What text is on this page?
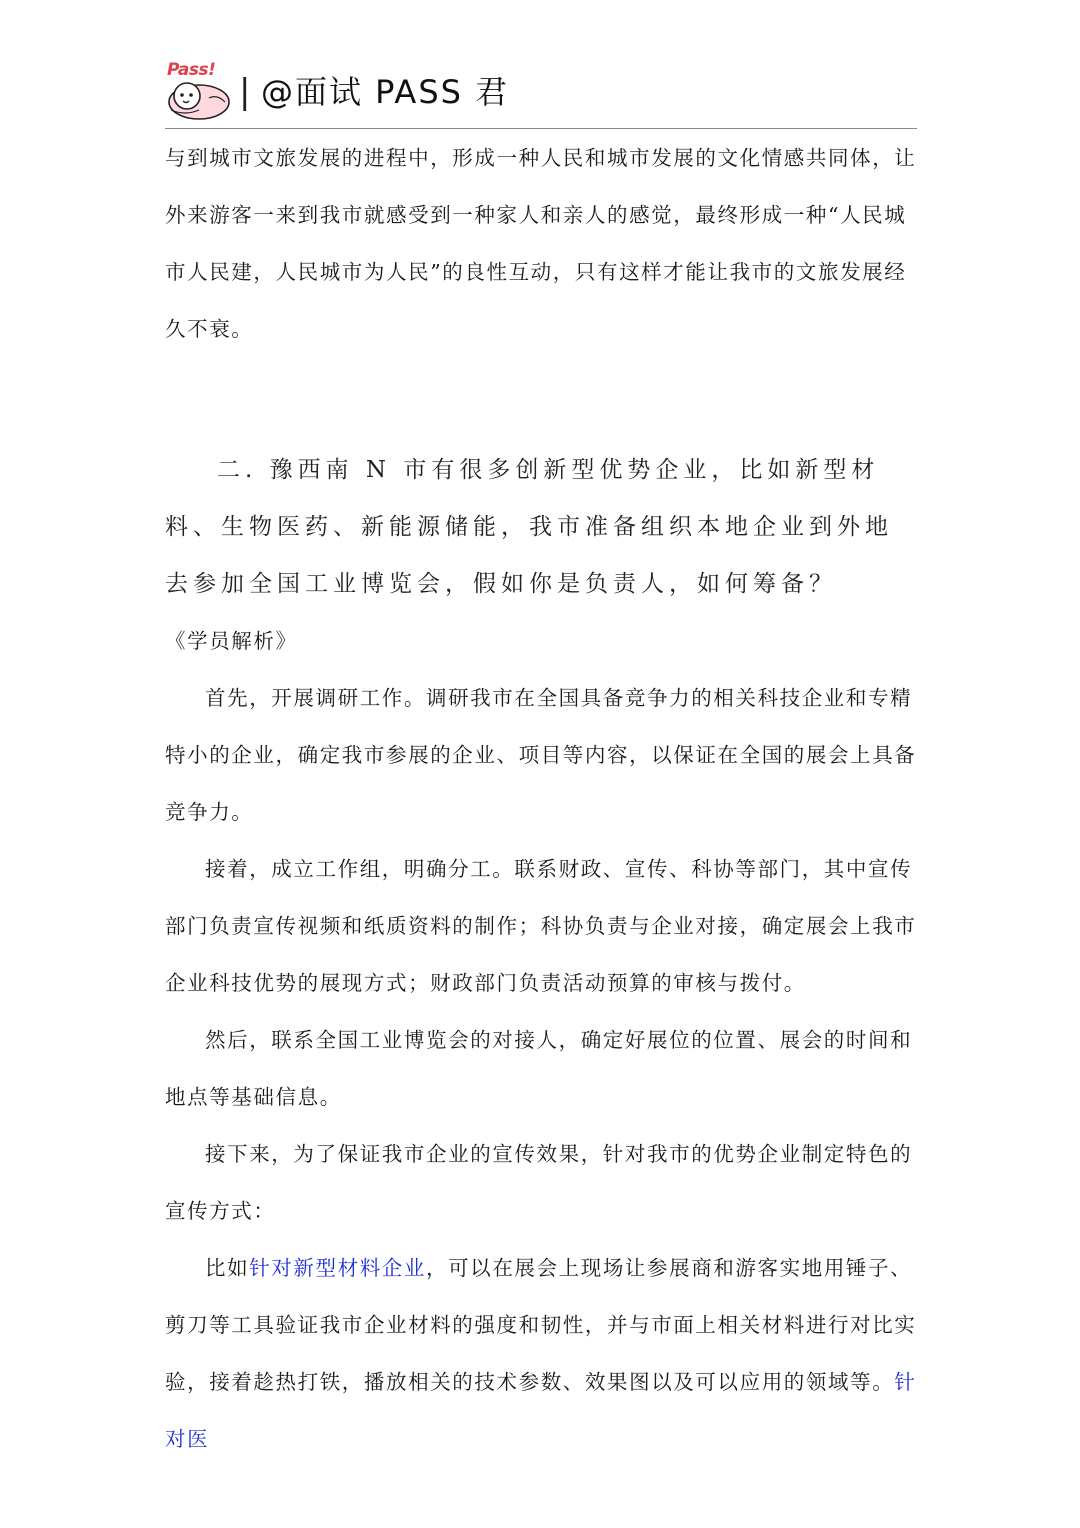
Pass!
| @面试 PASS 君

与到城市文旅发展的进程中，形成一种人民和城市发展的文化情感共同体，让外来游客一来到我市就感受到一种家人和亲人的感觉，最终形成一种“人民城市人民建，人民城市为人民”的良性互动，只有这样才能让我市的文旅发展经久不衰。

二. 豫西南 N 市有很多创新型优势企业，比如新型材料、生物医药、新能源储能，我市准备组织本地企业到外地去参加全国工业博览会，假如你是负责人，如何筹备？

《学员解析》

首先，开展调研工作。调研我市在全国具备竞争力的相关科技企业和专精特小的企业，确定我市参展的企业、项目等内容，以保证在全国的展会上具备竞争力。

接着，成立工作组，明确分工。联系财政、宣传、科协等部门，其中宣传部门负责宣传视频和纸质资料的制作；科协负责与企业对接，确定展会上我市企业科技优势的展现方式；财政部门负责活动预算的审核与拨付。

然后，联系全国工业博览会的对接人，确定好展位的位置、展会的时间和地点等基础信息。

接下来，为了保证我市企业的宣传效果，针对我市的优势企业制定特色的宣传方式：

比如针对新型材料企业，可以在展会上现场让参展商和游客实地用锤子、剪刀等工具验证我市企业材料的强度和韧性，并与市面上相关材料进行对比实验，接着趁热打铁，播放相关的技术参数、效果图以及可以应用的领域等。针对医
